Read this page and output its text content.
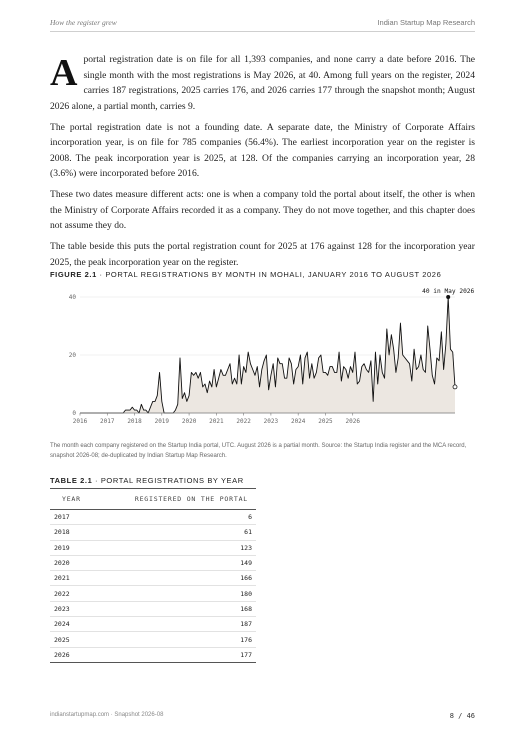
How the register grew	Indian Startup Map Research

Aportal registration date is on file for all 1,393 companies, and none carry a date before 2016. The single month with the most registrations is May 2026, at 40. Among full years on the register, 2024 carries 187 registrations, 2025 carries 176, and 2026 carries 177 through the snapshot month; August 2026 alone, a partial month, carries 9.

The portal registration date is not a founding date. A separate date, the Ministry of Corporate Affairs incorporation year, is on file for 785 companies (56.4%). The earliest incorporation year on the register is 2008. The peak incorporation year is 2025, at 128. Of the companies carrying an incorporation year, 28 (3.6%) were incorporated before 2016.

These two dates measure different acts: one is when a company told the portal about itself, the other is when the Ministry of Corporate Affairs recorded it as a company. They do not move together, and this chapter does not assume they do.

The table beside this puts the portal registration count for 2025 at 176 against 128 for the incorporation year 2025, the peak incorporation year on the register.

FIGURE 2.1 · PORTAL REGISTRATIONS BY MONTH IN MOHALI, JANUARY 2016 TO AUGUST 2026
0
20
40
2016 2017 2018 2019 2020 2021 2022 2023 2024 2025 2026
40 in May 2026
The month each company registered on the Startup India portal, UTC. August 2026 is a partial month. Source: the Startup India register and the MCA record, snapshot 2026-08; de-duplicated by Indian Startup Map Research.
TABLE 2.1 · PORTAL REGISTRATIONS BY YEAR
YEAR	REGISTERED ON THE PORTAL
2017	6
2018	61
2019	123
2020	149
2021	166
2022	180
2023	168
2024	187
2025	176
2026	177
indianstartupmap.com · Snapshot 2026-08	8 / 46
